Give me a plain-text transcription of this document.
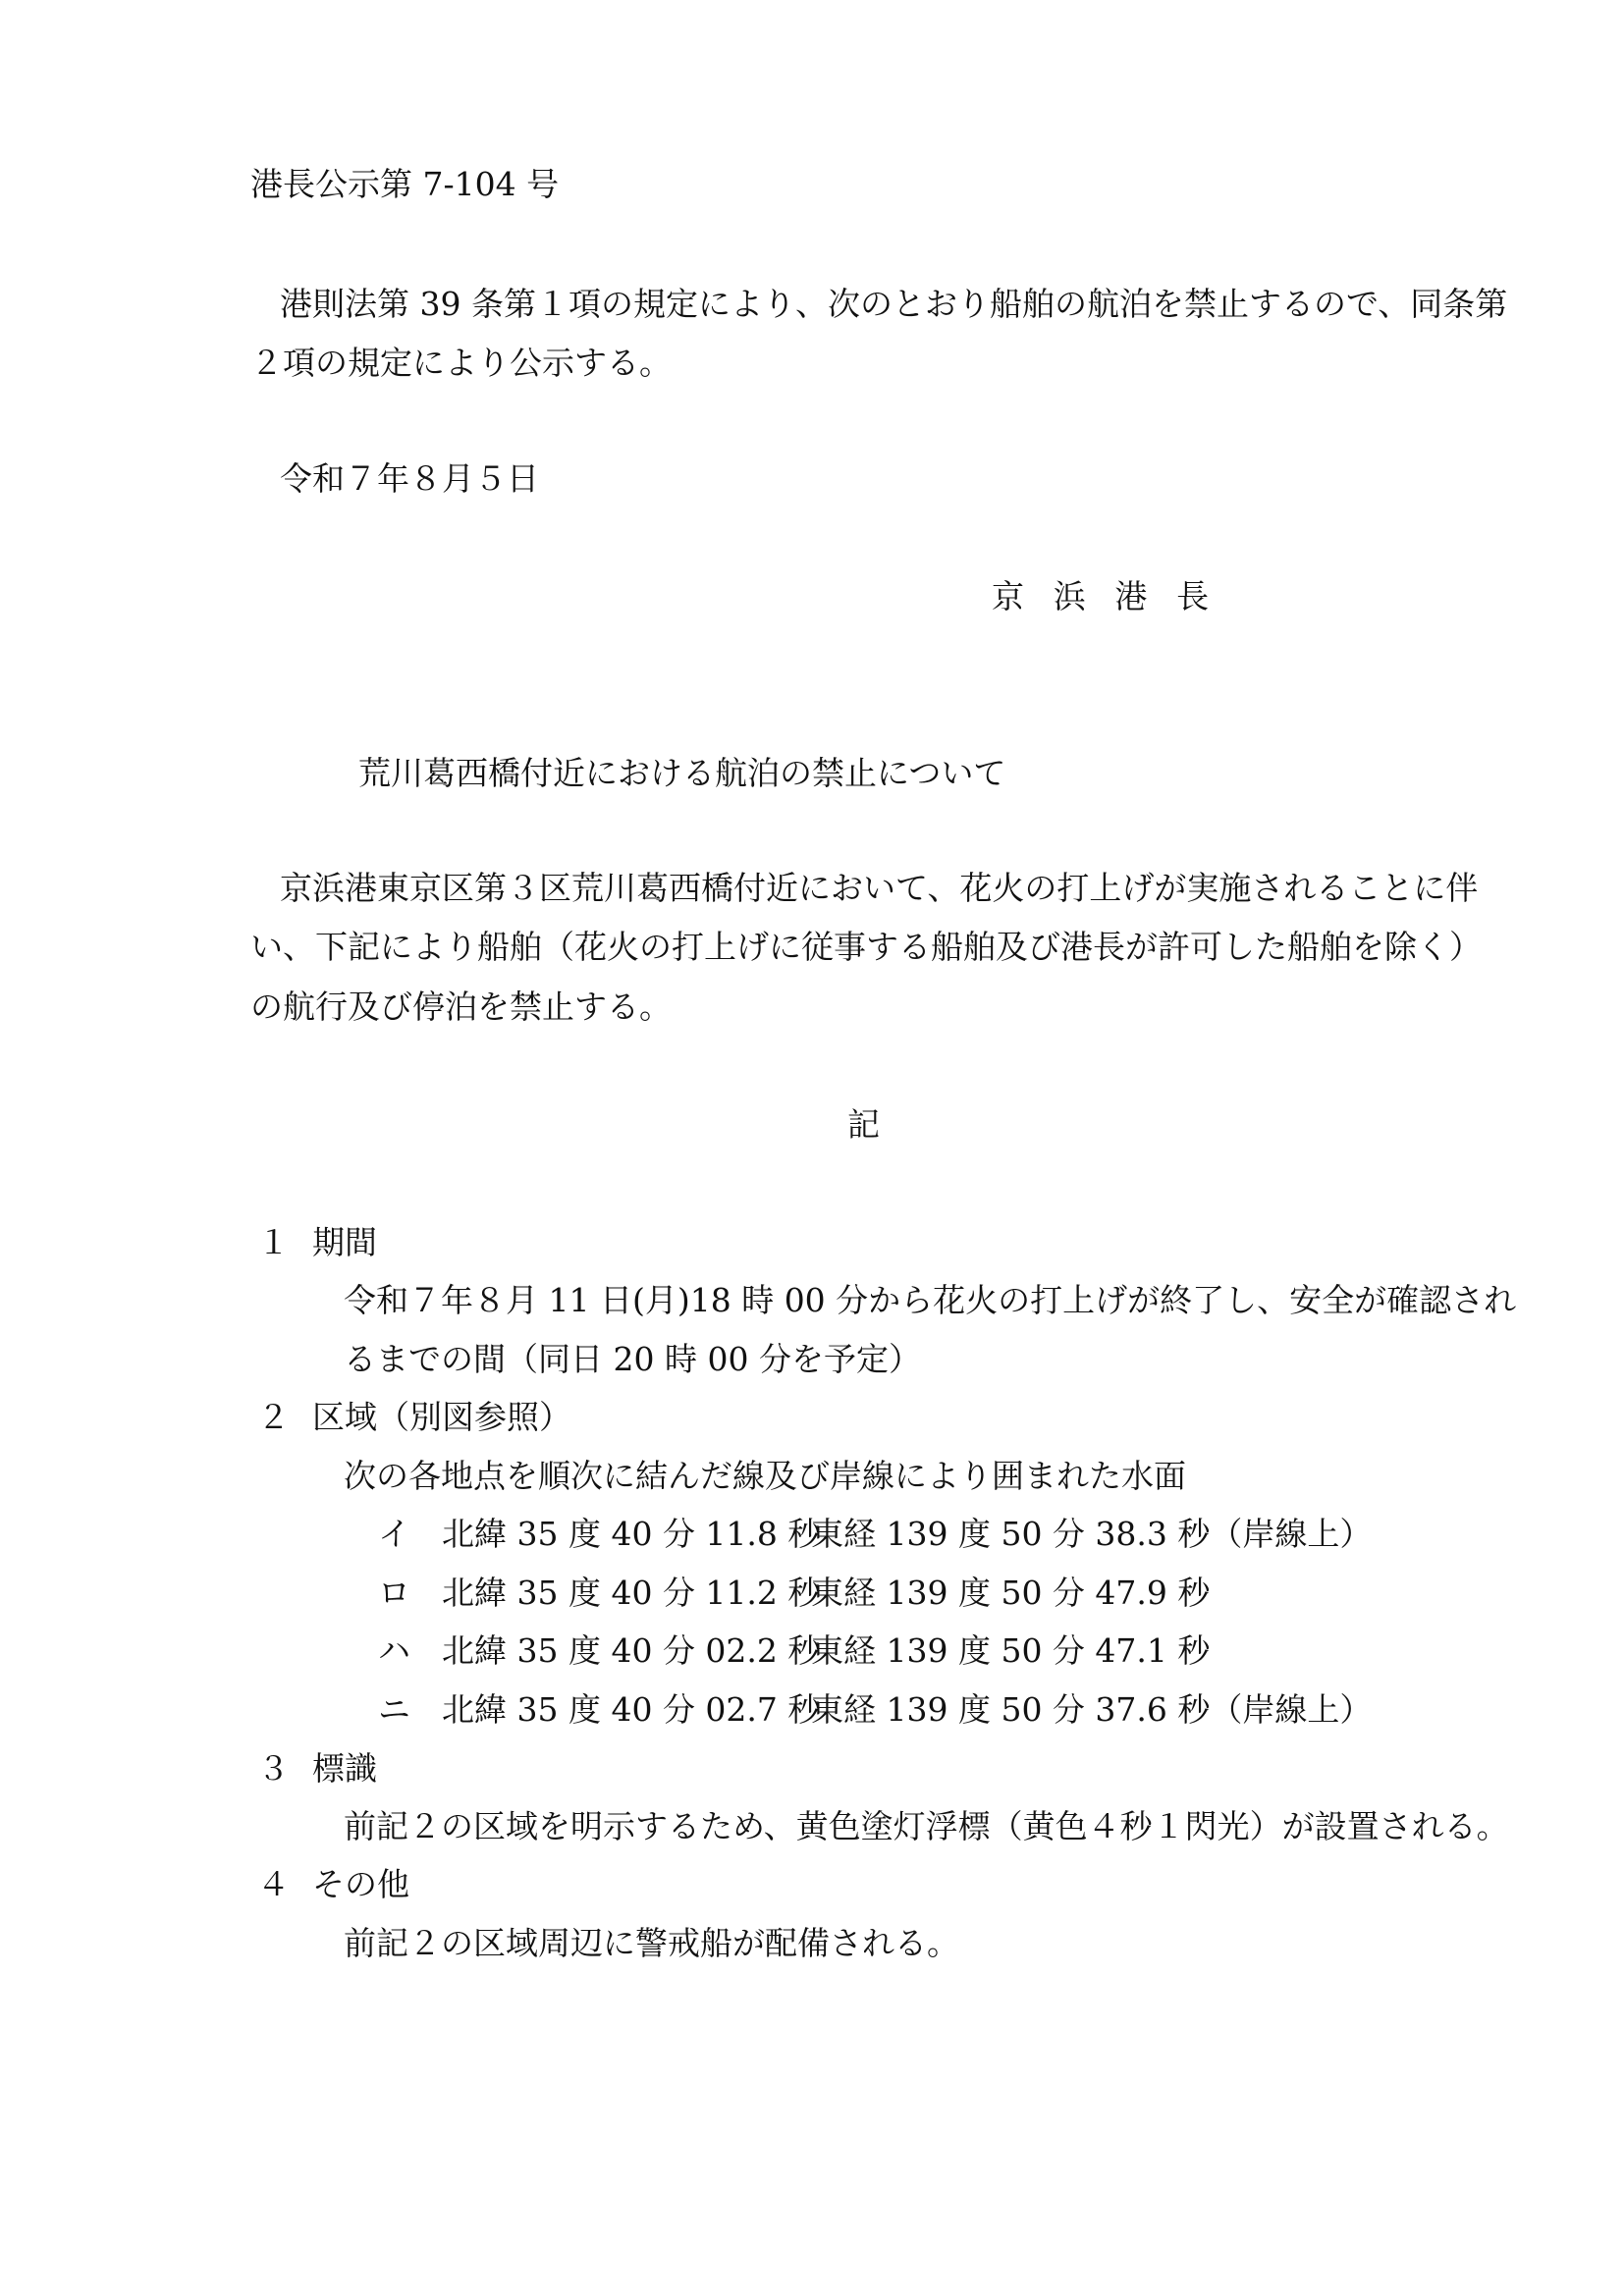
港長公示第 7-104 号

港則法第 39 条第１項の規定により、次のとおり船舶の航泊を禁止するので、同条第

２項の規定により公示する。

令和７年８月５日

京浜港長

荒川葛西橋付近における航泊の禁止について

京浜港東京区第３区荒川葛西橋付近において、花火の打上げが実施されることに伴

い、下記により船舶（花火の打上げに従事する船舶及び港長が許可した船舶を除く）

の航行及び停泊を禁止する。

記

１ 期間

令和７年８月 11 日(月)18 時 00 分から花火の打上げが終了し、安全が確認され

るまでの間（同日 20 時 00 分を予定）

２ 区域（別図参照）

次の各地点を順次に結んだ線及び岸線により囲まれた水面

イ 北緯 35 度 40 分 11.8 秒

東経 139 度 50 分 38.3 秒（岸線上）

ロ 北緯 35 度 40 分 11.2 秒

東経 139 度 50 分 47.9 秒

ハ 北緯 35 度 40 分 02.2 秒

東経 139 度 50 分 47.1 秒

ニ 北緯 35 度 40 分 02.7 秒

東経 139 度 50 分 37.6 秒（岸線上）

３ 標識

前記２の区域を明示するため、黄色塗灯浮標（黄色４秒１閃光）が設置される。

４ その他

前記２の区域周辺に警戒船が配備される。
